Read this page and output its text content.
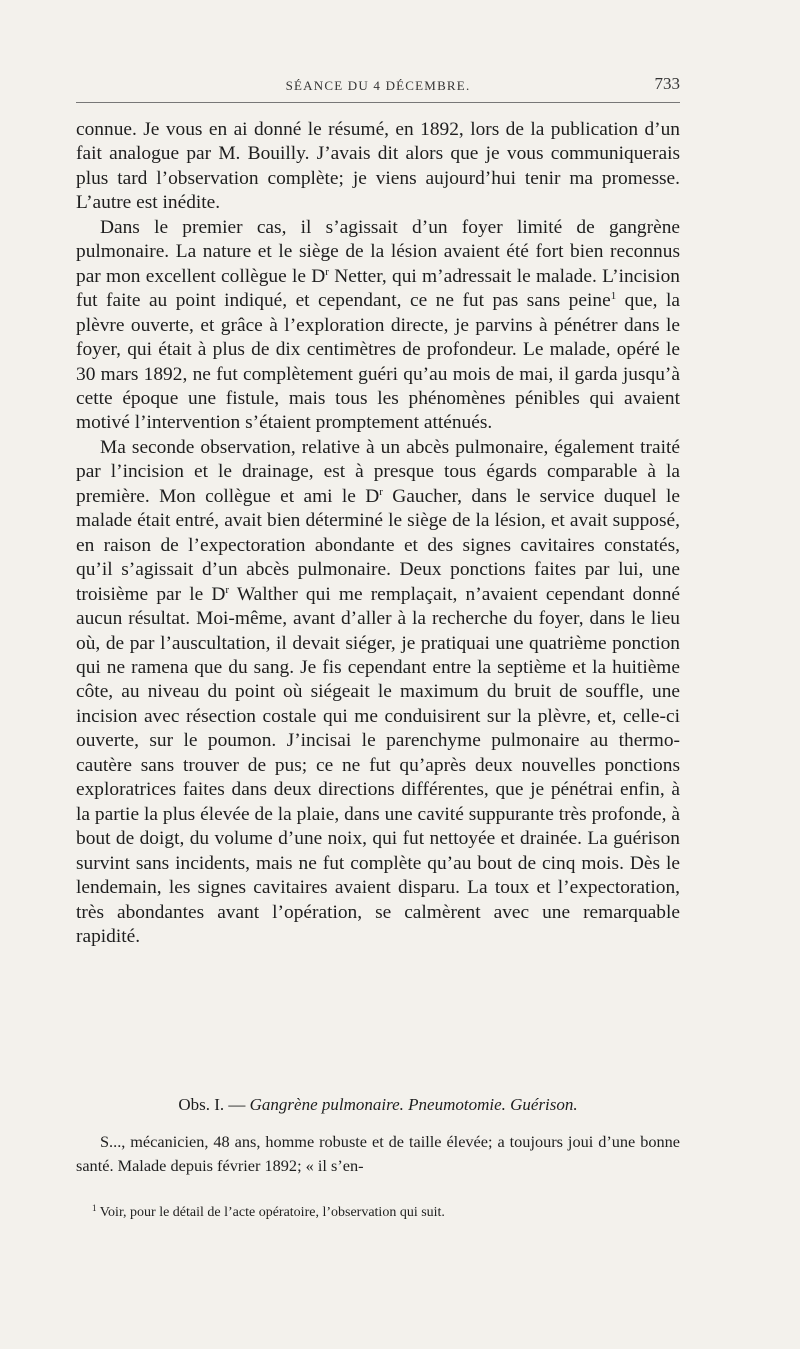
SÉANCE DU 4 DÉCEMBRE.	733

connue. Je vous en ai donné le résumé, en 1892, lors de la publication d’un fait analogue par M. Bouilly. J’avais dit alors que je vous communiquerais plus tard l’observation complète; je viens aujourd’hui tenir ma promesse. L’autre est inédite.

Dans le premier cas, il s’agissait d’un foyer limité de gangrène pulmonaire. La nature et le siège de la lésion avaient été fort bien reconnus par mon excellent collègue le $D^r$ Netter, qui m’adressait le malade. L’incision fut faite au point indiqué, et cependant, ce ne fut pas sans peine$^1$ que, la plèvre ouverte, et grâce à l’exploration directe, je parvins à pénétrer dans le foyer, qui était à plus de dix centimètres de profondeur. Le malade, opéré le 30 mars 1892, ne fut complètement guéri qu’au mois de mai, il garda jusqu’à cette époque une fistule, mais tous les phénomènes pénibles qui avaient motivé l’intervention s’étaient promptement atténués.

Ma seconde observation, relative à un abcès pulmonaire, également traité par l’incision et le drainage, est à presque tous égards comparable à la première. Mon collègue et ami le $D^r$ Gaucher, dans le service duquel le malade était entré, avait bien déterminé le siège de la lésion, et avait supposé, en raison de l’expectoration abondante et des signes cavitaires constatés, qu’il s’agissait d’un abcès pulmonaire. Deux ponctions faites par lui, une troisième par le $D^r$ Walther qui me remplaçait, n’avaient cependant donné aucun résultat. Moi-même, avant d’aller à la recherche du foyer, dans le lieu où, de par l’auscultation, il devait siéger, je pratiquai une quatrième ponction qui ne ramena que du sang. Je fis cependant entre la septième et la huitième côte, au niveau du point où siégeait le maximum du bruit de souffle, une incision avec résection costale qui me conduisirent sur la plèvre, et, celle-ci ouverte, sur le poumon. J’incisai le parenchyme pulmonaire au thermo-cautère sans trouver de pus; ce ne fut qu’après deux nouvelles ponctions exploratrices faites dans deux directions différentes, que je pénétrai enfin, à la partie la plus élevée de la plaie, dans une cavité suppurante très profonde, à bout de doigt, du volume d’une noix, qui fut nettoyée et drainée. La guérison survint sans incidents, mais ne fut complète qu’au bout de cinq mois. Dès le lendemain, les signes cavitaires avaient disparu. La toux et l’expectoration, très abondantes avant l’opération, se calmèrent avec une remarquable rapidité.

Obs. I. — Gangrène pulmonaire. Pneumotomie. Guérison.

S..., mécanicien, 48 ans, homme robuste et de taille élevée; a toujours joui d’une bonne santé. Malade depuis février 1892; « il s’en-

$^1$ Voir, pour le détail de l’acte opératoire, l’observation qui suit.
